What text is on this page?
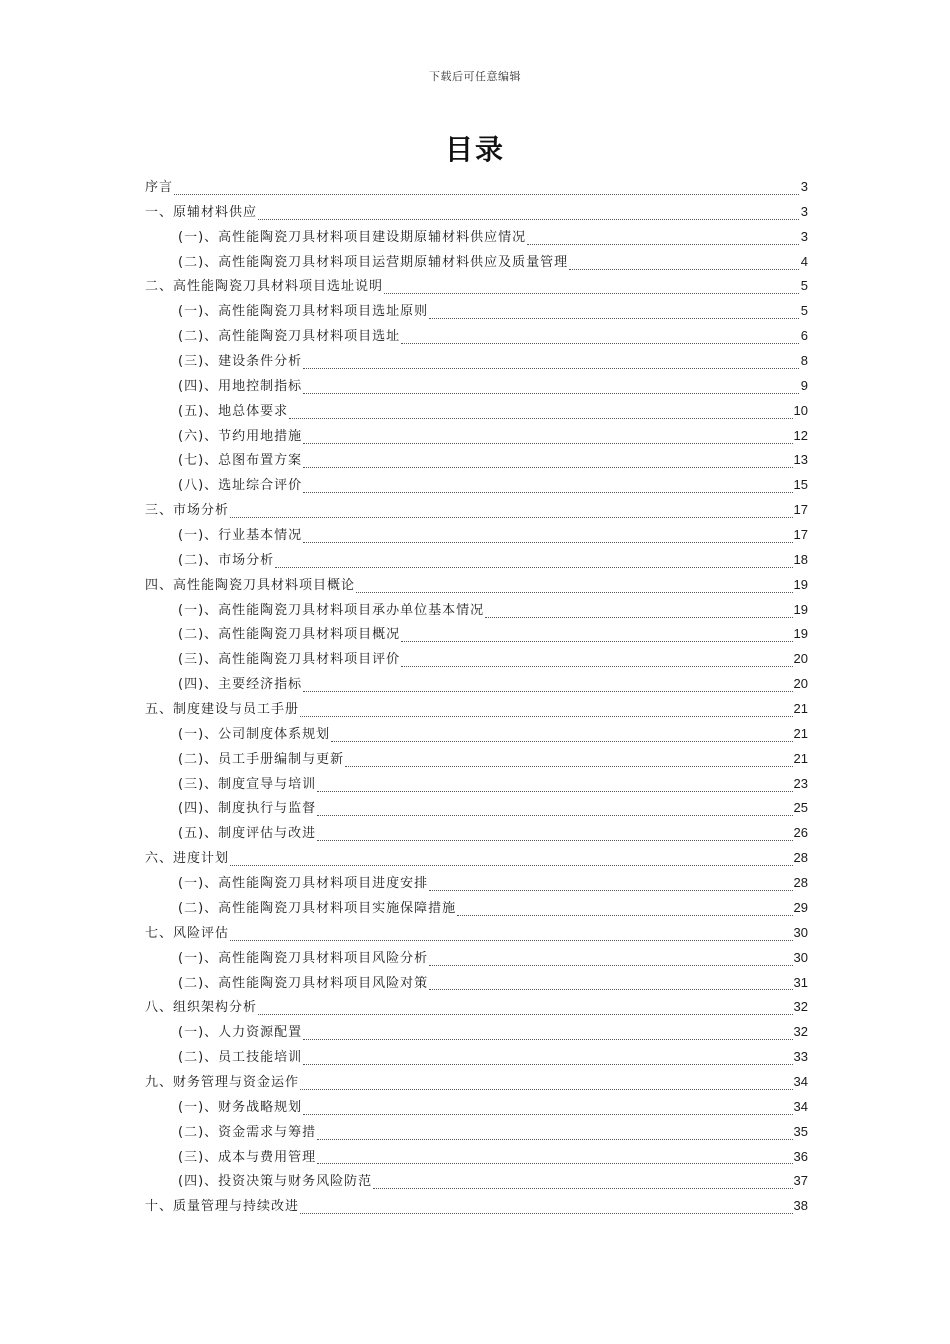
下载后可任意编辑
目录
序言	3
一、原辅材料供应	3
(一)、高性能陶瓷刀具材料项目建设期原辅材料供应情况	3
(二)、高性能陶瓷刀具材料项目运营期原辅材料供应及质量管理	4
二、高性能陶瓷刀具材料项目选址说明	5
(一)、高性能陶瓷刀具材料项目选址原则	5
(二)、高性能陶瓷刀具材料项目选址	6
(三)、建设条件分析	8
(四)、用地控制指标	9
(五)、地总体要求	10
(六)、节约用地措施	12
(七)、总图布置方案	13
(八)、选址综合评价	15
三、市场分析	17
(一)、行业基本情况	17
(二)、市场分析	18
四、高性能陶瓷刀具材料项目概论	19
(一)、高性能陶瓷刀具材料项目承办单位基本情况	19
(二)、高性能陶瓷刀具材料项目概况	19
(三)、高性能陶瓷刀具材料项目评价	20
(四)、主要经济指标	20
五、制度建设与员工手册	21
(一)、公司制度体系规划	21
(二)、员工手册编制与更新	21
(三)、制度宣导与培训	23
(四)、制度执行与监督	25
(五)、制度评估与改进	26
六、进度计划	28
(一)、高性能陶瓷刀具材料项目进度安排	28
(二)、高性能陶瓷刀具材料项目实施保障措施	29
七、风险评估	30
(一)、高性能陶瓷刀具材料项目风险分析	30
(二)、高性能陶瓷刀具材料项目风险对策	31
八、组织架构分析	32
(一)、人力资源配置	32
(二)、员工技能培训	33
九、财务管理与资金运作	34
(一)、财务战略规划	34
(二)、资金需求与筹措	35
(三)、成本与费用管理	36
(四)、投资决策与财务风险防范	37
十、质量管理与持续改进	38
